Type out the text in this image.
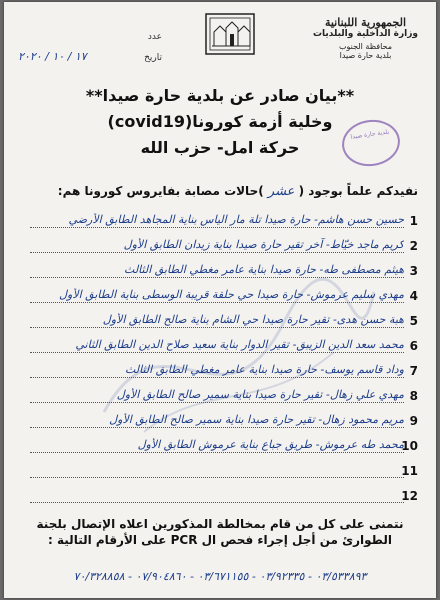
الجمهورية اللبنانية
وزارة الداخلية والبلديات
محافظة الجنوب
بلدية حارة صيدا
عدد
تاريخ
١٧ / ١٠ / ٢٠٢٠
بلدية حارة صيدا
**بيان صادر عن بلدية حارة صيدا**
وخلية أزمة كورونا(covid19)
حركة امل- حزب الله
نفيدكم علماً بوجود ( عشر )حالات مصابة بفايروس كورونا هم:
1
حسين حسن هاشم- حارة صيدا تلة مار الياس بناية المجاهد الطابق الأرضي
2
كريم ماجد خيّاط- آخر تقير حارة صيدا بناية زيدان الطابق الأول
3
هيثم مصطفى طه- حارة صيدا بناية عامر مغطي الطابق الثالث
4
مهدي سليم عرموش- حارة صيدا حي حلقة قريبة الوسطى بناية الطابق الأول
5
هبة حسن هدى- تقير حارة صيدا حي الشام بناية صالح الطابق الأول
6
محمد سعد الدين الزيبق- تقير الدوار بناية سعيد صلاح الدين الطابق الثاني
7
وداد قاسم يوسف- حارة صيدا بناية عامر مغطي الطابق الثالث
8
مهدي علي زهال- تقير حارة صيدا بناية سمير صالح الطابق الأول
9
مريم محمود زهال- تقير حارة صيدا بناية سمير صالح الطابق الأول
10
محمد طه عرموش- طريق جباع بناية عرموش الطابق الأول
11
12
نتمنى على كل من قام بمخالطة المذكورين اعلاه الإتصال بلجنة
الطوارئ من أجل إجراء فحص ال PCR على الأرقام التالية :
٠٣/٥٣٣٨٩٣ - ٠٣/٩٢٣٣٥ - ٠٣/٦٧١١٥٥ - ٠٧/٩٠٤٨٦٠ - ٧٠/٣٢٨٨٥٨
